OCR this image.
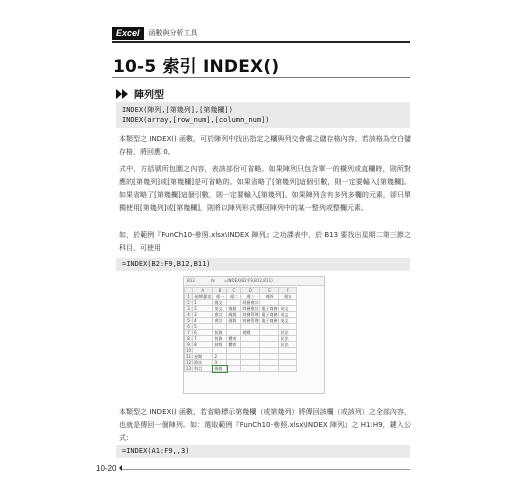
Excel	函數與分析工具
10-5 索引 INDEX()
陣列型
INDEX(陣列,[第幾列],[第幾欄])
INDEX(array,[row_num],[column_num])

本類型之 INDEX() 函數，可於陣列中找出指定之欄與列交會處之儲存格內容，若該格為空白儲存格，將回應 0。

式中，方括號所包圍之內容，表該部份可省略。如果陣列只包含單一的橫列或直欄時，則所對應的[第幾列]或[第幾欄]是可省略的。如果省略了[第幾列]這個引數，則一定要輸入[第幾欄]。如果省略了[第幾欄]這個引數，則一定要輸入[第幾列]。如果陣列含有多列多欄的元素，卻只單獨使用[第幾列]或[第幾欄]，則將以陣列形式傳回陣列中的某一整列或整欄元素。

如，於範例『FunCh10-參照.xlsx\INDEX 陣列』之功課表中，於 B13 要找出星期二第三節之科目，可使用

=INDEX(B2:F9,B12,B11)
B13	fx =INDEX(B2:F9,B12,B11)
	A	B	C	D	E	F
1	星期\節次	週一	週二	週三	週四	週五
2	1	國文		財務會計		
3	2	英文	國貿	財務會計	電子商務	英文
4	3	會計	國貿	財務管理	電子商務	英文
5	4	會計	國貿	財務管理	電子商務	英文
6	5					
7	6	投資		遊戲		民法
8	7	投資	體育			民法
9	8	財經	體育			民法
10						
11	星期	2				
12	節次	3				
13	科目	國貿				

本類型之 INDEX() 函數，若省略標示第幾欄（或第幾列）將傳回該欄（或該列）之全部內容，也就是傳回一個陣列。如：選取範例『FunCh10-參照.xlsx\INDEX 陣列』之 H1:H9，鍵入公式：

=INDEX(A1:F9,,3)
10-20
